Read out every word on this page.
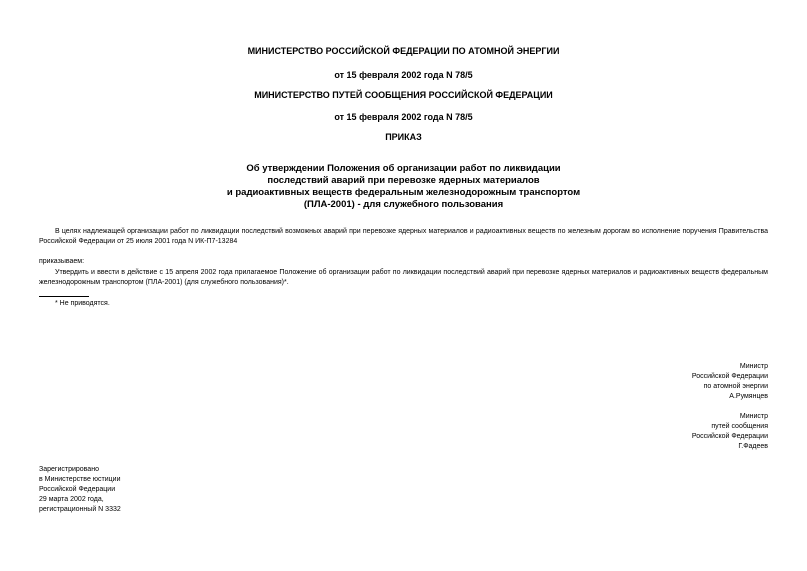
МИНИСТЕРСТВО РОССИЙСКОЙ ФЕДЕРАЦИИ ПО АТОМНОЙ ЭНЕРГИИ
от 15 февраля 2002 года N 78/5
МИНИСТЕРСТВО ПУТЕЙ СООБЩЕНИЯ РОССИЙСКОЙ ФЕДЕРАЦИИ
от 15 февраля 2002 года N 78/5
ПРИКАЗ
Об утверждении Положения об организации работ по ликвидации
последствий аварий при перевозке ядерных материалов
и радиоактивных веществ федеральным железнодорожным транспортом
(ПЛА-2001) - для служебного пользования
В целях надлежащей организации работ по ликвидации последствий возможных аварий при перевозке ядерных материалов и радиоактивных веществ по железным дорогам во исполнение поручения Правительства Российской Федерации от 25 июля 2001 года N ИК-П7-13284
приказываем:
Утвердить и ввести в действие с 15 апреля 2002 года прилагаемое Положение об организации работ по ликвидации последствий аварий при перевозке ядерных материалов и радиоактивных веществ федеральным железнодорожным транспортом (ПЛА-2001) (для служебного пользования)*.
* Не приводятся.
Министр
Российской Федерации
по атомной энергии
А.Румянцев
Министр
путей сообщения
Российской Федерации
Г.Фадеев
Зарегистрировано
в Министерстве юстиции
Российской Федерации
29 марта 2002 года,
регистрационный N 3332
